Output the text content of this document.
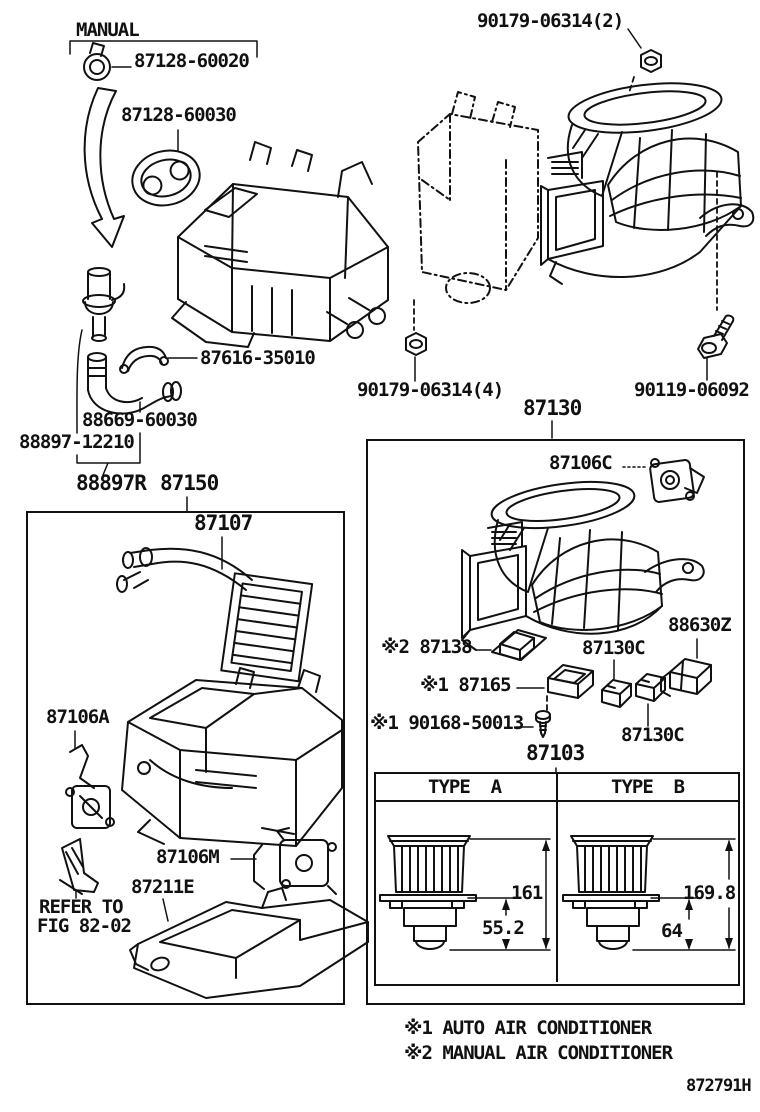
MANUAL
87128-60020
87128-60030
87616-35010
88669-60030
88897-12210
88897R 87150
90179-06314(2)
90179-06314(4)	90119-06092
87130
87106C
※2 87138	87130C
88630Z
※1 87165
※1 90168-50013
87130C
87103
87107
87106A
87106M
87211E
REFER TO
FIG 82-02
TYPE  A	TYPE  B
161
55.2
169.8
64
※1 AUTO AIR CONDITIONER
※2 MANUAL AIR CONDITIONER
872791H
